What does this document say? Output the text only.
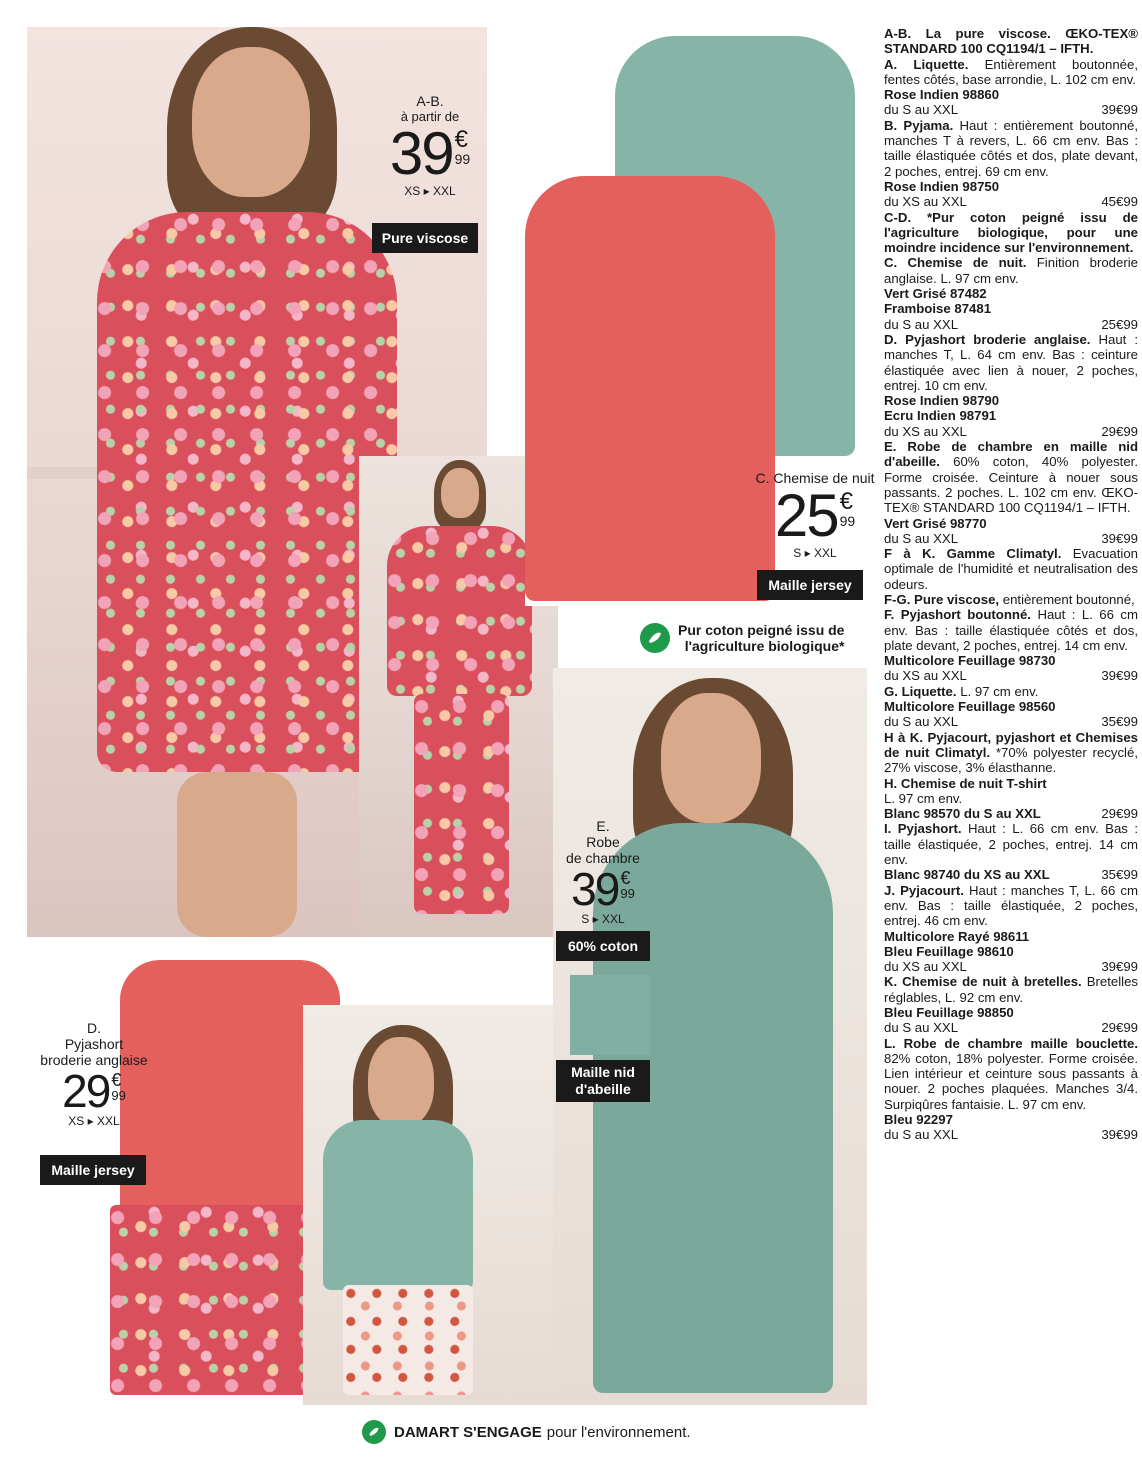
A-B.
à partir de
39 €
99
XS ▸ XXL
Pure viscose
C. Chemise de nuit
25 €
99
S ▸ XXL
Maille jersey
Pur coton peigné issu de
l'agriculture biologique*
E.
Robe
de chambre
39 €
99
S ▸ XXL
60% coton
Maille nid
d'abeille
D.
Pyjashort
broderie anglaise
29 €
99
XS ▸ XXL
Maille jersey
A-B. La pure viscose. ŒKO-TEX® STANDARD 100 CQ1194/1 – IFTH.
A. Liquette. Entièrement boutonnée, fentes côtés, base arrondie, L. 102 cm env.
Rose Indien 98860
du S au XXL	39€99
B. Pyjama. Haut : entièrement boutonné, manches T à revers, L. 66 cm env. Bas : taille élastiquée côtés et dos, plate devant, 2 poches, entrej. 69 cm env.
Rose Indien 98750
du XS au XXL	45€99
C-D. *Pur coton peigné issu de l'agriculture biologique, pour une moindre incidence sur l'environnement.
C. Chemise de nuit. Finition broderie anglaise. L. 97 cm env.
Vert Grisé 87482
Framboise 87481
du S au XXL	25€99
D. Pyjashort broderie anglaise. Haut : manches T, L. 64 cm env. Bas : ceinture élastiquée avec lien à nouer, 2 poches, entrej. 10 cm env.
Rose Indien 98790
Ecru Indien 98791
du XS au XXL	29€99
E. Robe de chambre en maille nid d'abeille. 60% coton, 40% polyester. Forme croisée. Ceinture à nouer sous passants. 2 poches. L. 102 cm env. ŒKO-TEX® STANDARD 100 CQ1194/1 – IFTH.
Vert Grisé 98770
du S au XXL	39€99
F à K. Gamme Climatyl. Evacuation optimale de l'humidité et neutralisation des odeurs.
F-G. Pure viscose, entièrement boutonné,
F. Pyjashort boutonné. Haut : L. 66 cm env. Bas : taille élastiquée côtés et dos, plate devant, 2 poches, entrej. 14 cm env.
Multicolore Feuillage 98730
du XS au XXL	39€99
G. Liquette. L. 97 cm env.
Multicolore Feuillage 98560
du S au XXL	35€99
H à K. Pyjacourt, pyjashort et Chemises de nuit Climatyl. *70% polyester recyclé, 27% viscose, 3% élasthanne.
H. Chemise de nuit T-shirt
L. 97 cm env.
Blanc 98570 du S au XXL	29€99
I. Pyjashort. Haut : L. 66 cm env. Bas : taille élastiquée, 2 poches, entrej. 14 cm env.
Blanc 98740 du XS au XXL	35€99
J. Pyjacourt. Haut : manches T, L. 66 cm env. Bas : taille élastiquée, 2 poches, entrej. 46 cm env.
Multicolore Rayé 98611
Bleu Feuillage 98610
du XS au XXL	39€99
K. Chemise de nuit à bretelles. Bretelles réglables, L. 92 cm env.
Bleu Feuillage 98850
du S au XXL	29€99
L. Robe de chambre maille bouclette. 82% coton, 18% polyester. Forme croisée. Lien intérieur et ceinture sous passants à nouer. 2 poches plaquées. Manches 3/4. Surpiqûres fantaisie. L. 97 cm env.
Bleu 92297
du S au XXL	39€99
DAMART S'ENGAGE pour l'environnement.
